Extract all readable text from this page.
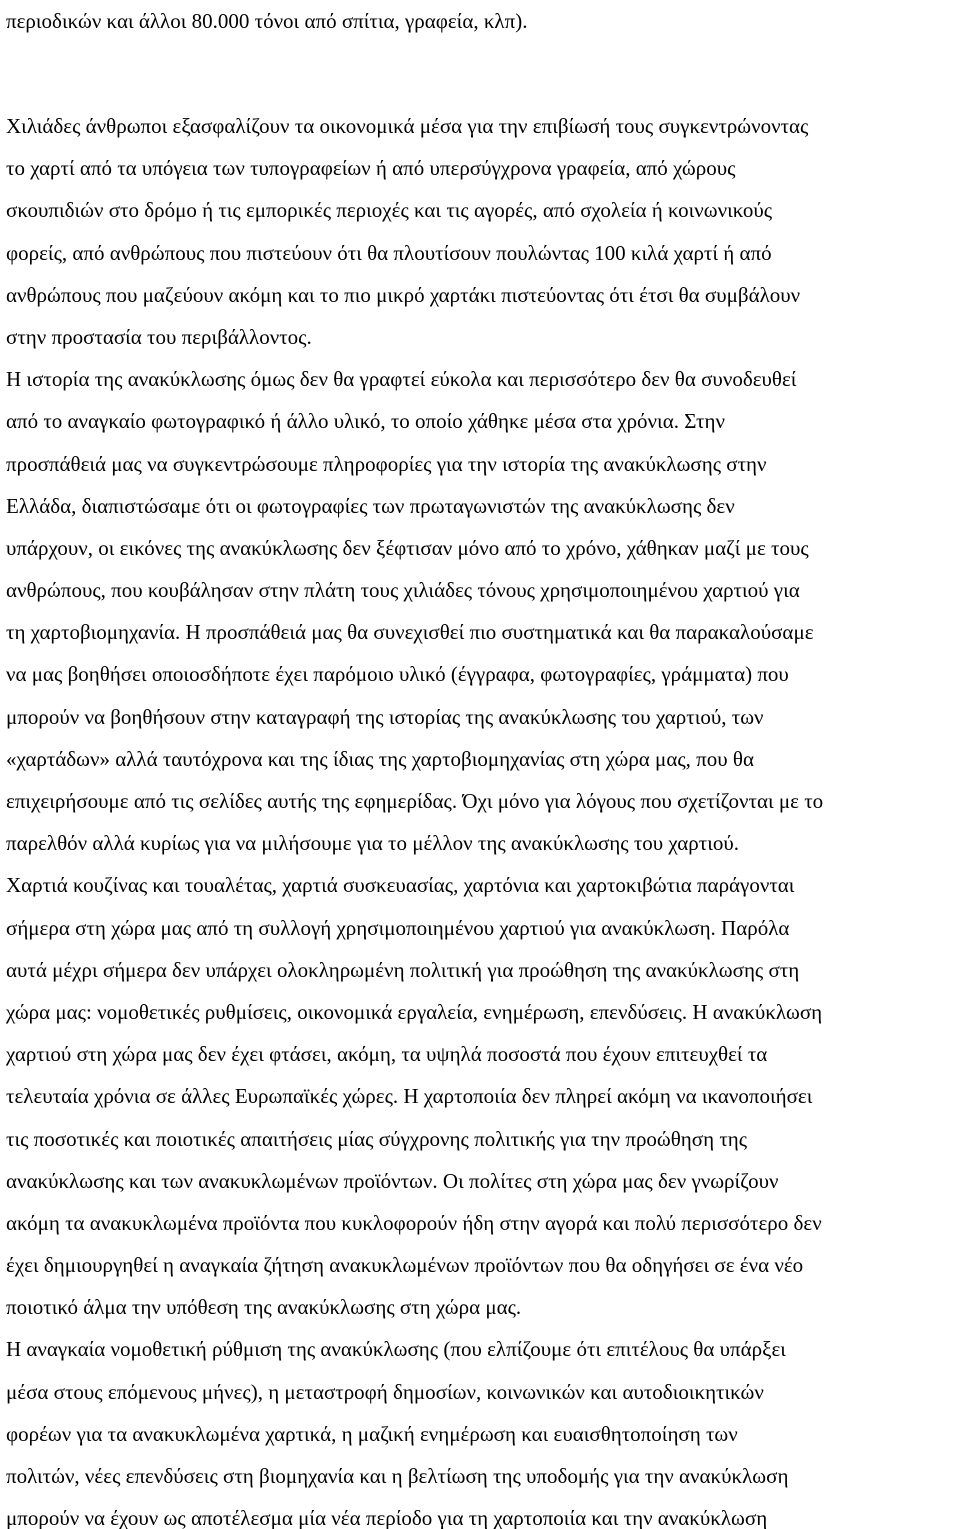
περιοδικών και άλλοι 80.000 τόνοι από σπίτια, γραφεία, κλπ).

Χιλιάδες άνθρωποι εξασφαλίζουν τα οικονομικά μέσα για την επιβίωσή τους συγκεντρώνοντας

το χαρτί από τα υπόγεια των τυπογραφείων ή από υπερσύγχρονα γραφεία, από χώρους

σκουπιδιών στο δρόμο ή τις εμπορικές περιοχές και τις αγορές, από σχολεία ή κοινωνικούς

φορείς, από ανθρώπους που πιστεύουν ότι θα πλουτίσουν πουλώντας 100 κιλά χαρτί ή από

ανθρώπους που μαζεύουν ακόμη και το πιο μικρό χαρτάκι πιστεύοντας ότι έτσι θα συμβάλουν

στην προστασία του περιβάλλοντος.

Η ιστορία της ανακύκλωσης όμως δεν θα γραφτεί εύκολα και περισσότερο δεν θα συνοδευθεί

από το αναγκαίο φωτογραφικό ή άλλο υλικό, το οποίο χάθηκε μέσα στα χρόνια. Στην

προσπάθειά μας να συγκεντρώσουμε πληροφορίες για την ιστορία της ανακύκλωσης στην

Ελλάδα, διαπιστώσαμε ότι οι φωτογραφίες των πρωταγωνιστών της ανακύκλωσης δεν

υπάρχουν, οι εικόνες της ανακύκλωσης δεν ξέφτισαν μόνο από το χρόνο, χάθηκαν μαζί με τους

ανθρώπους, που κουβάλησαν στην πλάτη τους χιλιάδες τόνους χρησιμοποιημένου χαρτιού για

τη χαρτοβιομηχανία. Η προσπάθειά μας θα συνεχισθεί πιο συστηματικά και θα παρακαλούσαμε

να μας βοηθήσει οποιοσδήποτε έχει παρόμοιο υλικό (έγγραφα, φωτογραφίες, γράμματα) που

μπορούν να βοηθήσουν στην καταγραφή της ιστορίας της ανακύκλωσης του χαρτιού, των

«χαρτάδων» αλλά ταυτόχρονα και της ίδιας της χαρτοβιομηχανίας στη χώρα μας, που θα

επιχειρήσουμε από τις σελίδες αυτής της εφημερίδας. Όχι μόνο για λόγους που σχετίζονται με το

παρελθόν αλλά κυρίως για να μιλήσουμε για το μέλλον της ανακύκλωσης του χαρτιού.

Χαρτιά κουζίνας και τουαλέτας, χαρτιά συσκευασίας, χαρτόνια και χαρτοκιβώτια παράγονται

σήμερα στη χώρα μας από τη συλλογή χρησιμοποιημένου χαρτιού για ανακύκλωση. Παρόλα

αυτά μέχρι σήμερα δεν υπάρχει ολοκληρωμένη πολιτική για προώθηση της ανακύκλωσης στη

χώρα μας: νομοθετικές ρυθμίσεις, οικονομικά εργαλεία, ενημέρωση, επενδύσεις. Η ανακύκλωση

χαρτιού στη χώρα μας δεν έχει φτάσει, ακόμη, τα υψηλά ποσοστά που έχουν επιτευχθεί τα

τελευταία χρόνια σε άλλες Ευρωπαϊκές χώρες. Η χαρτοποιία δεν πληρεί ακόμη να ικανοποιήσει

τις ποσοτικές και ποιοτικές απαιτήσεις μίας σύγχρονης πολιτικής για την προώθηση της

ανακύκλωσης και των ανακυκλωμένων προϊόντων. Οι πολίτες στη χώρα μας δεν γνωρίζουν

ακόμη τα ανακυκλωμένα προϊόντα που κυκλοφορούν ήδη στην αγορά και πολύ περισσότερο δεν

έχει δημιουργηθεί η αναγκαία ζήτηση ανακυκλωμένων προϊόντων που θα οδηγήσει σε ένα νέο

ποιοτικό άλμα την υπόθεση της ανακύκλωσης στη χώρα μας.

Η αναγκαία νομοθετική ρύθμιση της ανακύκλωσης (που ελπίζουμε ότι επιτέλους θα υπάρξει

μέσα στους επόμενους μήνες), η μεταστροφή δημοσίων, κοινωνικών και αυτοδιοικητικών

φορέων για τα ανακυκλωμένα χαρτικά, η μαζική ενημέρωση και ευαισθητοποίηση των

πολιτών, νέες επενδύσεις στη βιομηχανία και η βελτίωση της υποδομής για την ανακύκλωση

μπορούν να έχουν ως αποτέλεσμα μία νέα περίοδο για τη χαρτοποιία και την ανακύκλωση
